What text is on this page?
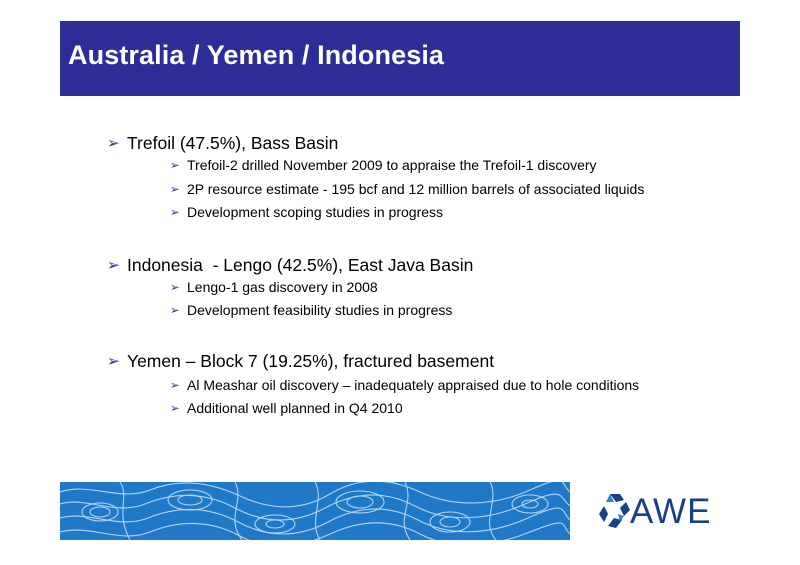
Australia / Yemen / Indonesia
➢ Trefoil (47.5%), Bass Basin
➢ Trefoil-2 drilled November 2009 to appraise the Trefoil-1 discovery
➢ 2P resource estimate - 195 bcf and 12 million barrels of associated liquids
➢ Development scoping studies in progress
➢ Indonesia  - Lengo (42.5%), East Java Basin
➢ Lengo-1 gas discovery in 2008
➢ Development feasibility studies in progress
➢ Yemen – Block 7 (19.25%), fractured basement
➢ Al Meashar oil discovery – inadequately appraised due to hole conditions
➢ Additional well planned in Q4 2010
AWE
